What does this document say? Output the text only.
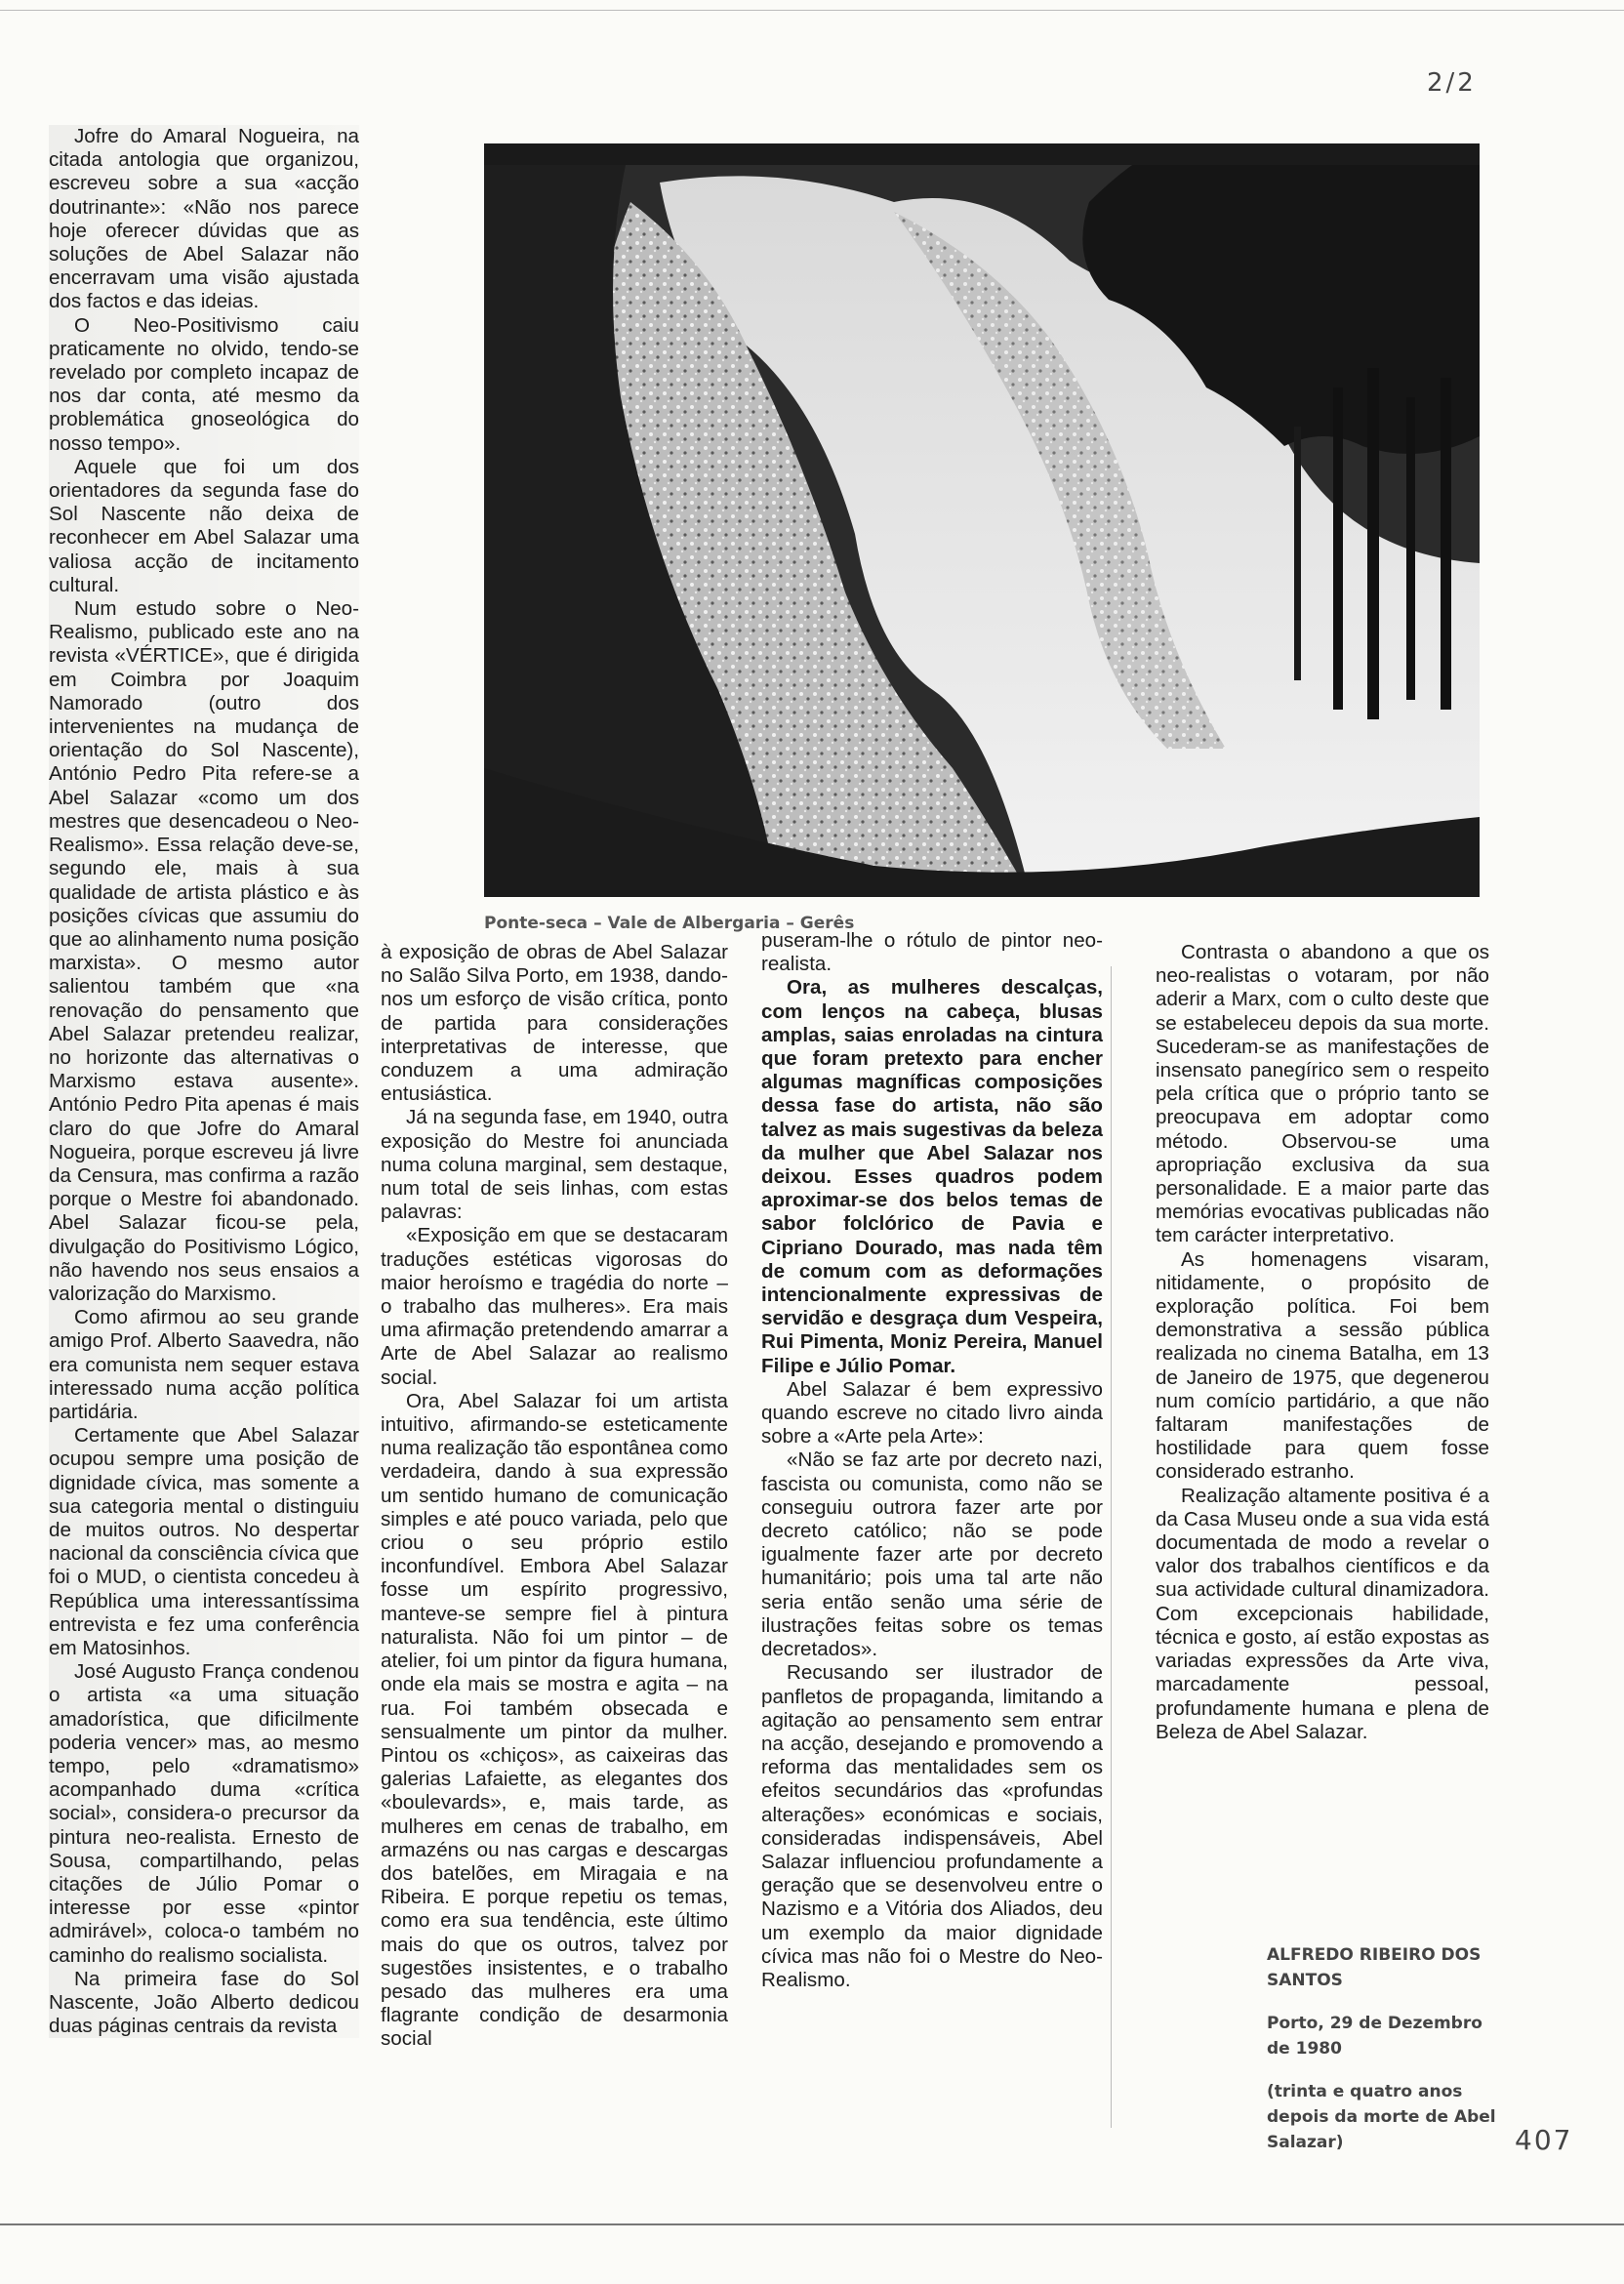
2/2

Jofre do Amaral Nogueira, na citada antologia que organizou, escreveu sobre a sua «acção doutrinante»: «Não nos parece hoje oferecer dúvidas que as soluções de Abel Salazar não encerravam uma visão ajustada dos factos e das ideias.

O Neo-Positivismo caiu praticamente no olvido, tendo-se revelado por completo incapaz de nos dar conta, até mesmo da problemática gnoseológica do nosso tempo».

Aquele que foi um dos orientadores da segunda fase do Sol Nascente não deixa de reconhecer em Abel Salazar uma valiosa acção de incitamento cultural.

Num estudo sobre o Neo-Realismo, publicado este ano na revista «VÉRTICE», que é dirigida em Coimbra por Joaquim Namorado (outro dos intervenientes na mudança de orientação do Sol Nascente), António Pedro Pita refere-se a Abel Salazar «como um dos mestres que desencadeou o Neo-Realismo». Essa relação deve-se, segundo ele, mais à sua qualidade de artista plástico e às posições cívicas que assumiu do que ao alinhamento numa posição marxista». O mesmo autor salientou também que «na renovação do pensamento que Abel Salazar pretendeu realizar, no horizonte das alternativas o Marxismo estava ausente». António Pedro Pita apenas é mais claro do que Jofre do Amaral Nogueira, porque escreveu já livre da Censura, mas confirma a razão porque o Mestre foi abandonado. Abel Salazar ficou-se pela, divulgação do Positivismo Lógico, não havendo nos seus ensaios a valorização do Marxismo.

Como afirmou ao seu grande amigo Prof. Alberto Saavedra, não era comunista nem sequer estava interessado numa acção política partidária.

Certamente que Abel Salazar ocupou sempre uma posição de dignidade cívica, mas somente a sua categoria mental o distinguiu de muitos outros. No despertar nacional da consciência cívica que foi o MUD, o cientista concedeu à República uma interessantíssima entrevista e fez uma conferência em Matosinhos.

José Augusto França condenou o artista «a uma situação amadorística, que dificilmente poderia vencer» mas, ao mesmo tempo, pelo «dramatismo» acompanhado duma «crítica social», considera-o precursor da pintura neo-realista. Ernesto de Sousa, compartilhando, pelas citações de Júlio Pomar o interesse por esse «pintor admirável», coloca-o também no caminho do realismo socialista.

Na primeira fase do Sol Nascente, João Alberto dedicou duas páginas centrais da revista

Ponte-seca – Vale de Albergaria – Gerês

à exposição de obras de Abel Salazar no Salão Silva Porto, em 1938, dando-nos um esforço de visão crítica, ponto de partida para considerações interpretativas de interesse, que conduzem a uma admiração entusiástica.

Já na segunda fase, em 1940, outra exposição do Mestre foi anunciada numa coluna marginal, sem destaque, num total de seis linhas, com estas palavras:

«Exposição em que se destacaram traduções estéticas vigorosas do maior heroísmo e tragédia do norte – o trabalho das mulheres». Era mais uma afirmação pretendendo amarrar a Arte de Abel Salazar ao realismo social.

Ora, Abel Salazar foi um artista intuitivo, afirmando-se esteticamente numa realização tão espontânea como verdadeira, dando à sua expressão um sentido humano de comunicação simples e até pouco variada, pelo que criou o seu próprio estilo inconfundível. Embora Abel Salazar fosse um espírito progressivo, manteve-se sempre fiel à pintura naturalista. Não foi um pintor – de atelier, foi um pintor da figura humana, onde ela mais se mostra e agita – na rua. Foi também obsecada e sensualmente um pintor da mulher. Pintou os «chiços», as caixeiras das galerias Lafaiette, as elegantes dos «boulevards», e, mais tarde, as mulheres em cenas de trabalho, em armazéns ou nas cargas e descargas dos batelões, em Miragaia e na Ribeira. E porque repetiu os temas, como era sua tendência, este último mais do que os outros, talvez por sugestões insistentes, e o trabalho pesado das mulheres era uma flagrante condição de desarmonia social

puseram-lhe o rótulo de pintor neo-realista.

Ora, as mulheres descalças, com lenços na cabeça, blusas amplas, saias enroladas na cintura que foram pretexto para encher algumas magníficas composições dessa fase do artista, não são talvez as mais sugestivas da beleza da mulher que Abel Salazar nos deixou. Esses quadros podem aproximar-se dos belos temas de sabor folclórico de Pavia e Cipriano Dourado, mas nada têm de comum com as deformações intencionalmente expressivas de servidão e desgraça dum Vespeira, Rui Pimenta, Moniz Pereira, Manuel Filipe e Júlio Pomar.

Abel Salazar é bem expressivo quando escreve no citado livro ainda sobre a «Arte pela Arte»:

«Não se faz arte por decreto nazi, fascista ou comunista, como não se conseguiu outrora fazer arte por decreto católico; não se pode igualmente fazer arte por decreto humanitário; pois uma tal arte não seria então senão uma série de ilustrações feitas sobre os temas decretados».

Recusando ser ilustrador de panfletos de propaganda, limitando a agitação ao pensamento sem entrar na acção, desejando e promovendo a reforma das mentalidades sem os efeitos secundários das «profundas alterações» económicas e sociais, consideradas indispensáveis, Abel Salazar influenciou profundamente a geração que se desenvolveu entre o Nazismo e a Vitória dos Aliados, deu um exemplo da maior dignidade cívica mas não foi o Mestre do Neo-Realismo.

Contrasta o abandono a que os neo-realistas o votaram, por não aderir a Marx, com o culto deste que se estabeleceu depois da sua morte. Sucederam-se as manifestações de insensato panegírico sem o respeito pela crítica que o próprio tanto se preocupava em adoptar como método. Observou-se uma apropriação exclusiva da sua personalidade. E a maior parte das memórias evocativas publicadas não tem carácter interpretativo.

As homenagens visaram, nitidamente, o propósito de exploração política. Foi bem demonstrativa a sessão pública realizada no cinema Batalha, em 13 de Janeiro de 1975, que degenerou num comício partidário, a que não faltaram manifestações de hostilidade para quem fosse considerado estranho.

Realização altamente positiva é a da Casa Museu onde a sua vida está documentada de modo a revelar o valor dos trabalhos científicos e da sua actividade cultural dinamizadora. Com excepcionais habilidade, técnica e gosto, aí estão expostas as variadas expressões da Arte viva, marcadamente pessoal, profundamente humana e plena de Beleza de Abel Salazar.

ALFREDO RIBEIRO DOS SANTOS
Porto, 29 de Dezembro de 1980
(trinta e quatro anos depois da morte de Abel Salazar)	407
